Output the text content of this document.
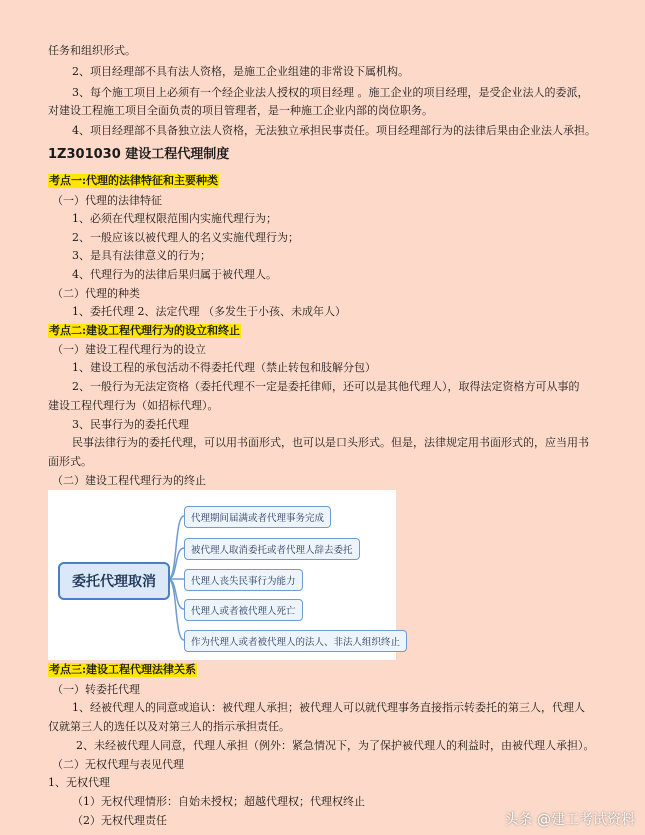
任务和组织形式。
2、项目经理部不具有法人资格，是施工企业组建的非常设下属机构。
3、每个施工项目上必须有一个经企业法人授权的项目经理 。施工企业的项目经理，是受企业法人的委派，
对建设工程施工项目全面负责的项目管理者，是一种施工企业内部的岗位职务。
4、项目经理部不具备独立法人资格，无法独立承担民事责任。项目经理部行为的法律后果由企业法人承担。
1Z301030 建设工程代理制度
考点一:代理的法律特征和主要种类
（一）代理的法律特征
1、必须在代理权限范围内实施代理行为；
2、一般应该以被代理人的名义实施代理行为；
3、是具有法律意义的行为；
4、代理行为的法律后果归属于被代理人。
（二）代理的种类
1、委托代理 2、法定代理 （多发生于小孩、未成年人）
考点二:建设工程代理行为的设立和终止
（一）建设工程代理行为的设立
1、建设工程的承包活动不得委托代理（禁止转包和肢解分包）
2、一般行为无法定资格（委托代理不一定是委托律师，还可以是其他代理人），取得法定资格方可从事的
建设工程代理行为（如招标代理）。
3、民事行为的委托代理
民事法律行为的委托代理，可以用书面形式，也可以是口头形式。但是，法律规定用书面形式的，应当用书
面形式。
（二）建设工程代理行为的终止
委托代理取消
代理期间届满或者代理事务完成
被代理人取消委托或者代理人辞去委托
代理人丧失民事行为能力
代理人或者被代理人死亡
作为代理人或者被代理人的法人、非法人组织终止
考点三:建设工程代理法律关系
（一）转委托代理
1、经被代理人的同意或追认：被代理人承担；被代理人可以就代理事务直接指示转委托的第三人，代理人
仅就第三人的选任以及对第三人的指示承担责任。
2、未经被代理人同意，代理人承担（例外：紧急情况下，为了保护被代理人的利益时，由被代理人承担）。
（二）无权代理与表见代理
1、无权代理
（1）无权代理情形：自始未授权；超越代理权；代理权终止
（2）无权代理责任	头条 @建工考试资料
